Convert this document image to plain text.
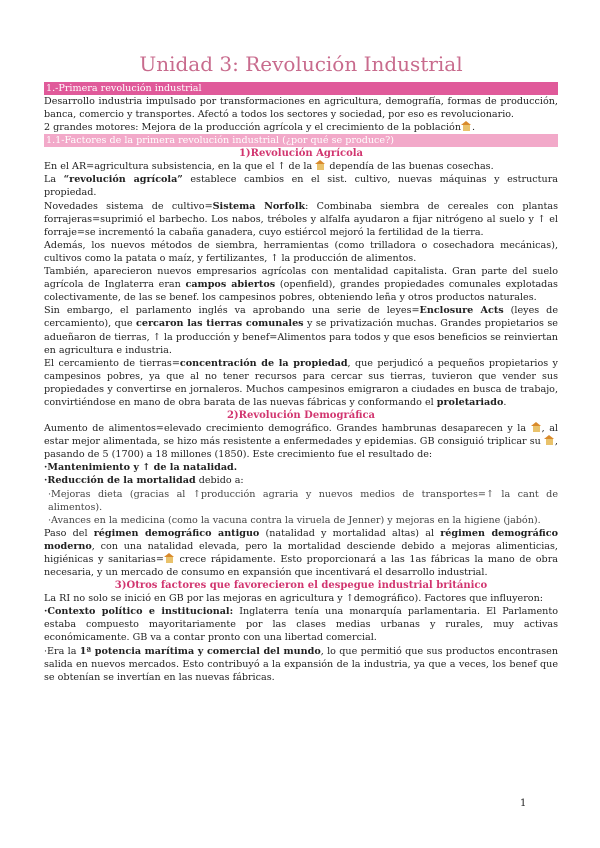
Unidad 3: Revolución Industrial
1.-Primera revolución industrial

Desarrollo industria impulsado por transformaciones en agricultura, demografía, formas de producción, banca, comercio y transportes. Afectó a todos los sectores y sociedad, por eso es revolucionario.

2 grandes motores: Mejora de la producción agrícola y el crecimiento de la población .

1.1-Factores de la primera revolución industrial (¿por qué se produce?)
1)Revolución Agrícola

En el AR=agricultura subsistencia, en la que el ↑ de la dependía de las buenas cosechas.

La “revolución agrícola” establece cambios en el sist. cultivo, nuevas máquinas y estructura propiedad.

Novedades sistema de cultivo=Sistema Norfolk: Combinaba siembra de cereales con plantas forrajeras=suprimió el barbecho. Los nabos, tréboles y alfalfa ayudaron a fijar nitrógeno al suelo y ↑ el forraje=se incrementó la cabaña ganadera, cuyo estiércol mejoró la fertilidad de la tierra.

Además, los nuevos métodos de siembra, herramientas (como trilladora o cosechadora mecánicas), cultivos como la patata o maíz, y fertilizantes, ↑ la producción de alimentos.

También, aparecieron nuevos empresarios agrícolas con mentalidad capitalista. Gran parte del suelo agrícola de Inglaterra eran campos abiertos (openfield), grandes propiedades comunales explotadas colectivamente, de las se benef. los campesinos pobres, obteniendo leña y otros productos naturales.

Sin embargo, el parlamento inglés va aprobando una serie de leyes=Enclosure Acts (leyes de cercamiento), que cercaron las tierras comunales y se privatización muchas. Grandes propietarios se adueñaron de tierras, ↑ la producción y benef=Alimentos para todos y que esos beneficios se reinviertan en agricultura e industria.

El cercamiento de tierras=concentración de la propiedad, que perjudicó a pequeños propietarios y campesinos pobres, ya que al no tener recursos para cercar sus tierras, tuvieron que vender sus propiedades y convertirse en jornaleros. Muchos campesinos emigraron a ciudades en busca de trabajo, convirtiéndose en mano de obra barata de las nuevas fábricas y conformando el proletariado.

2)Revolución Demográfica

Aumento de alimentos=elevado crecimiento demográfico. Grandes hambrunas desaparecen y la , al estar mejor alimentada, se hizo más resistente a enfermedades y epidemias. GB consiguió triplicar su , pasando de 5 (1700) a 18 millones (1850). Este crecimiento fue el resultado de:

·Mantenimiento y ↑ de la natalidad.

·Reducción de la mortalidad debido a:

·Mejoras dieta (gracias al ↑producción agraria y nuevos medios de transportes=↑ la cant de alimentos).

·Avances en la medicina (como la vacuna contra la viruela de Jenner) y mejoras en la higiene (jabón).

Paso del régimen demográfico antiguo (natalidad y mortalidad altas) al régimen demográfico moderno, con una natalidad elevada, pero la mortalidad desciende debido a mejoras alimenticias, higiénicas y sanitarias= crece rápidamente. Esto proporcionará a las 1as fábricas la mano de obra necesaria, y un mercado de consumo en expansión que incentivará el desarrollo industrial.

3)Otros factores que favorecieron el despegue industrial británico

La RI no solo se inició en GB por las mejoras en agricultura y ↑demográfico). Factores que influyeron:

·Contexto político e institucional: Inglaterra tenía una monarquía parlamentaria. El Parlamento estaba compuesto mayoritariamente por las clases medias urbanas y rurales, muy activas económicamente. GB va a contar pronto con una libertad comercial.

·Era la 1ª potencia marítima y comercial del mundo, lo que permitió que sus productos encontrasen salida en nuevos mercados. Esto contribuyó a la expansión de la industria, ya que a veces, los benef que se obtenían se invertían en las nuevas fábricas.

1
